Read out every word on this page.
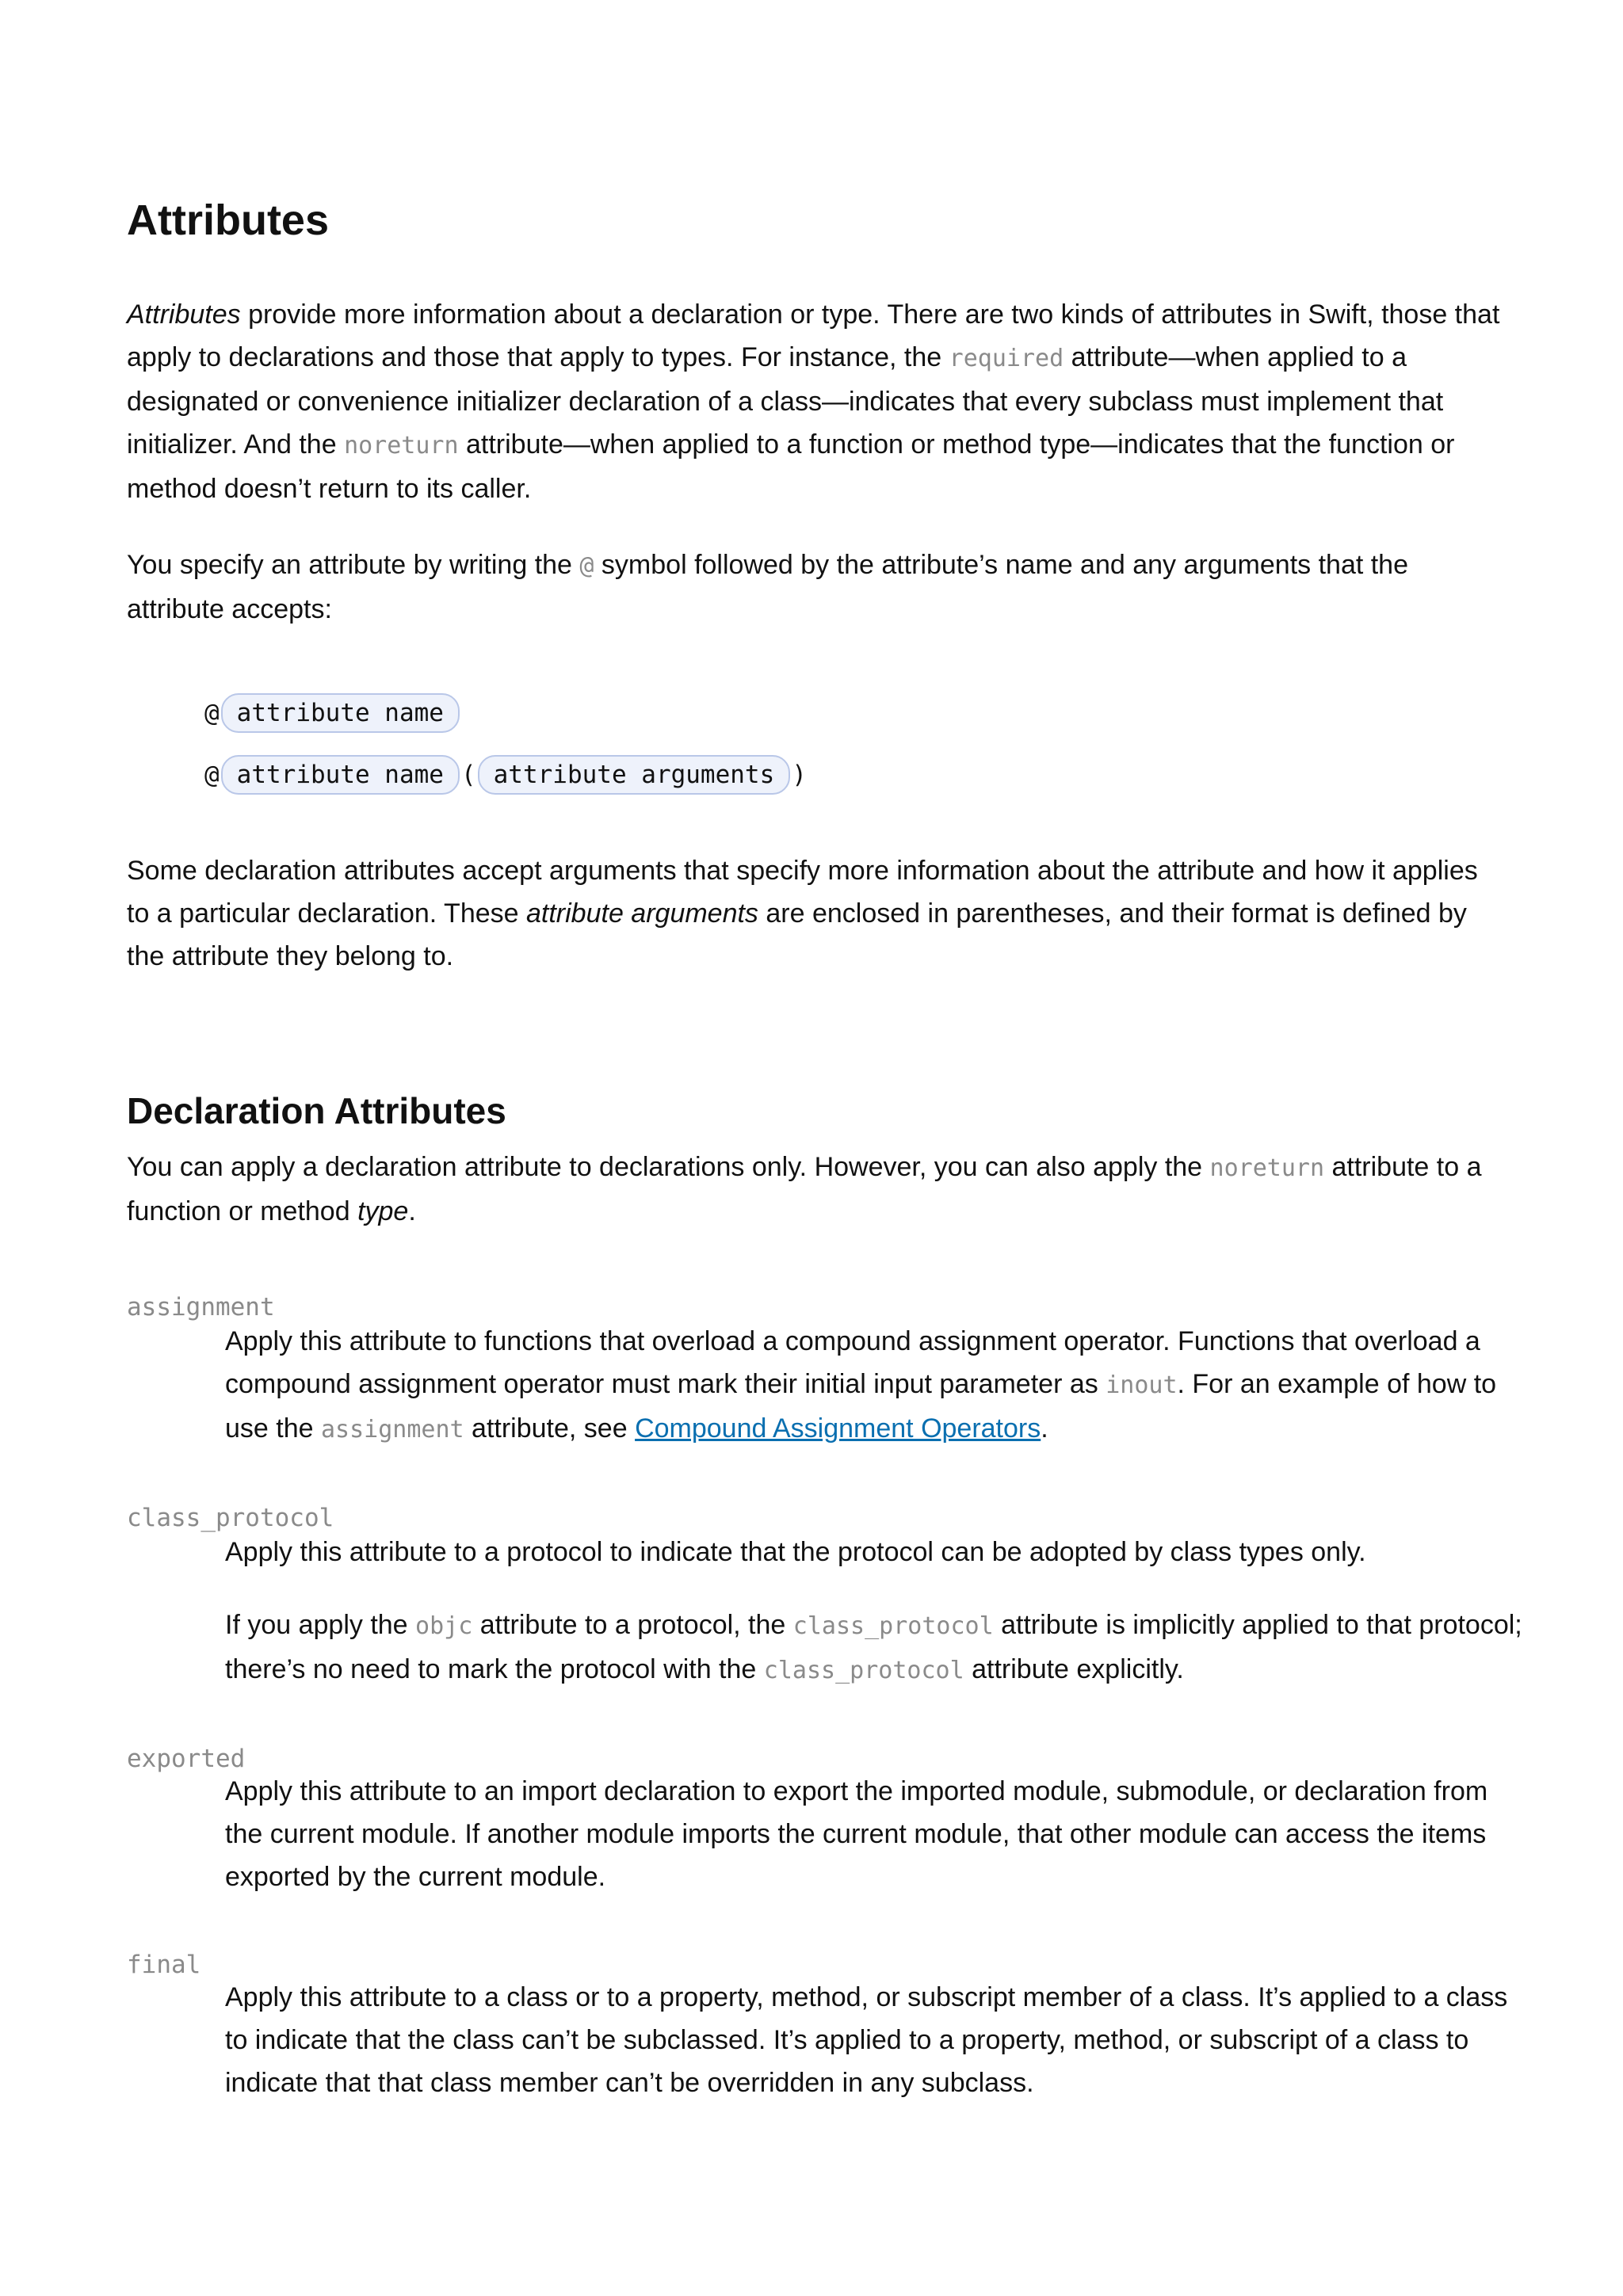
Attributes

Attributes provide more information about a declaration or type. There are two kinds of attributes in Swift, those that apply to declarations and those that apply to types. For instance, the required attribute—when applied to a designated or convenience initializer declaration of a class—indicates that every subclass must implement that initializer. And the noreturn attribute—when applied to a function or method type—indicates that the function or method doesn’t return to its caller.

You specify an attribute by writing the @ symbol followed by the attribute’s name and any arguments that the attribute accepts:

@ attribute name
@ attribute name ( attribute arguments )

Some declaration attributes accept arguments that specify more information about the attribute and how it applies to a particular declaration. These attribute arguments are enclosed in parentheses, and their format is defined by the attribute they belong to.

Declaration Attributes

You can apply a declaration attribute to declarations only. However, you can also apply the noreturn attribute to a function or method type.

assignment

Apply this attribute to functions that overload a compound assignment operator. Functions that overload a compound assignment operator must mark their initial input parameter as inout. For an example of how to use the assignment attribute, see Compound Assignment Operators.

class_protocol

Apply this attribute to a protocol to indicate that the protocol can be adopted by class types only.

If you apply the objc attribute to a protocol, the class_protocol attribute is implicitly applied to that protocol; there’s no need to mark the protocol with the class_protocol attribute explicitly.

exported

Apply this attribute to an import declaration to export the imported module, submodule, or declaration from the current module. If another module imports the current module, that other module can access the items exported by the current module.

final

Apply this attribute to a class or to a property, method, or subscript member of a class. It’s applied to a class to indicate that the class can’t be subclassed. It’s applied to a property, method, or subscript of a class to indicate that that class member can’t be overridden in any subclass.
